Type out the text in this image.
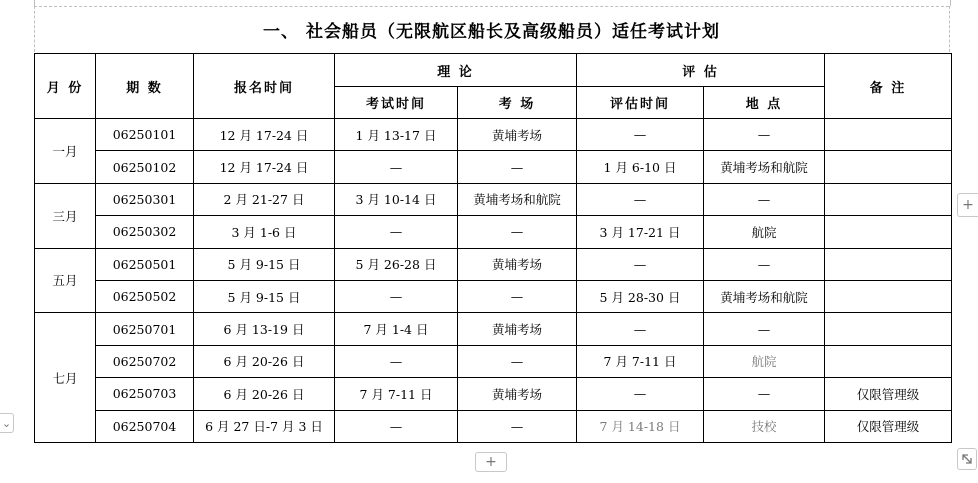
一、 社会船员（无限航区船长及高级船员）适任考试计划
月 份	期 数	报名时间	理 论		评 估		备 注
			考试时间	考 场	评估时间	地 点	
一月	06250101	12 月 17-24 日	1 月 13-17 日	黄埔考场	—	—	
	06250102	12 月 17-24 日	—	—	1 月 6-10 日	黄埔考场和航院	
三月	06250301	2 月 21-27 日	3 月 10-14 日	黄埔考场和航院	—	—	
	06250302	3 月 1-6 日	—	—	3 月 17-21 日	航院	
五月	06250501	5 月 9-15 日	5 月 26-28 日	黄埔考场	—	—	
	06250502	5 月 9-15 日	—	—	5 月 28-30 日	黄埔考场和航院	
七月	06250701	6 月 13-19 日	7 月 1-4 日	黄埔考场	—	—	
	06250702	6 月 20-26 日	—	—	7 月 7-11 日	航院	
	06250703	6 月 20-26 日	7 月 7-11 日	黄埔考场	—	—	仅限管理级
	06250704	6 月 27 日-7 月 3 日	—	—	7 月 14-18 日	技校	仅限管理级
+
+
⌄
